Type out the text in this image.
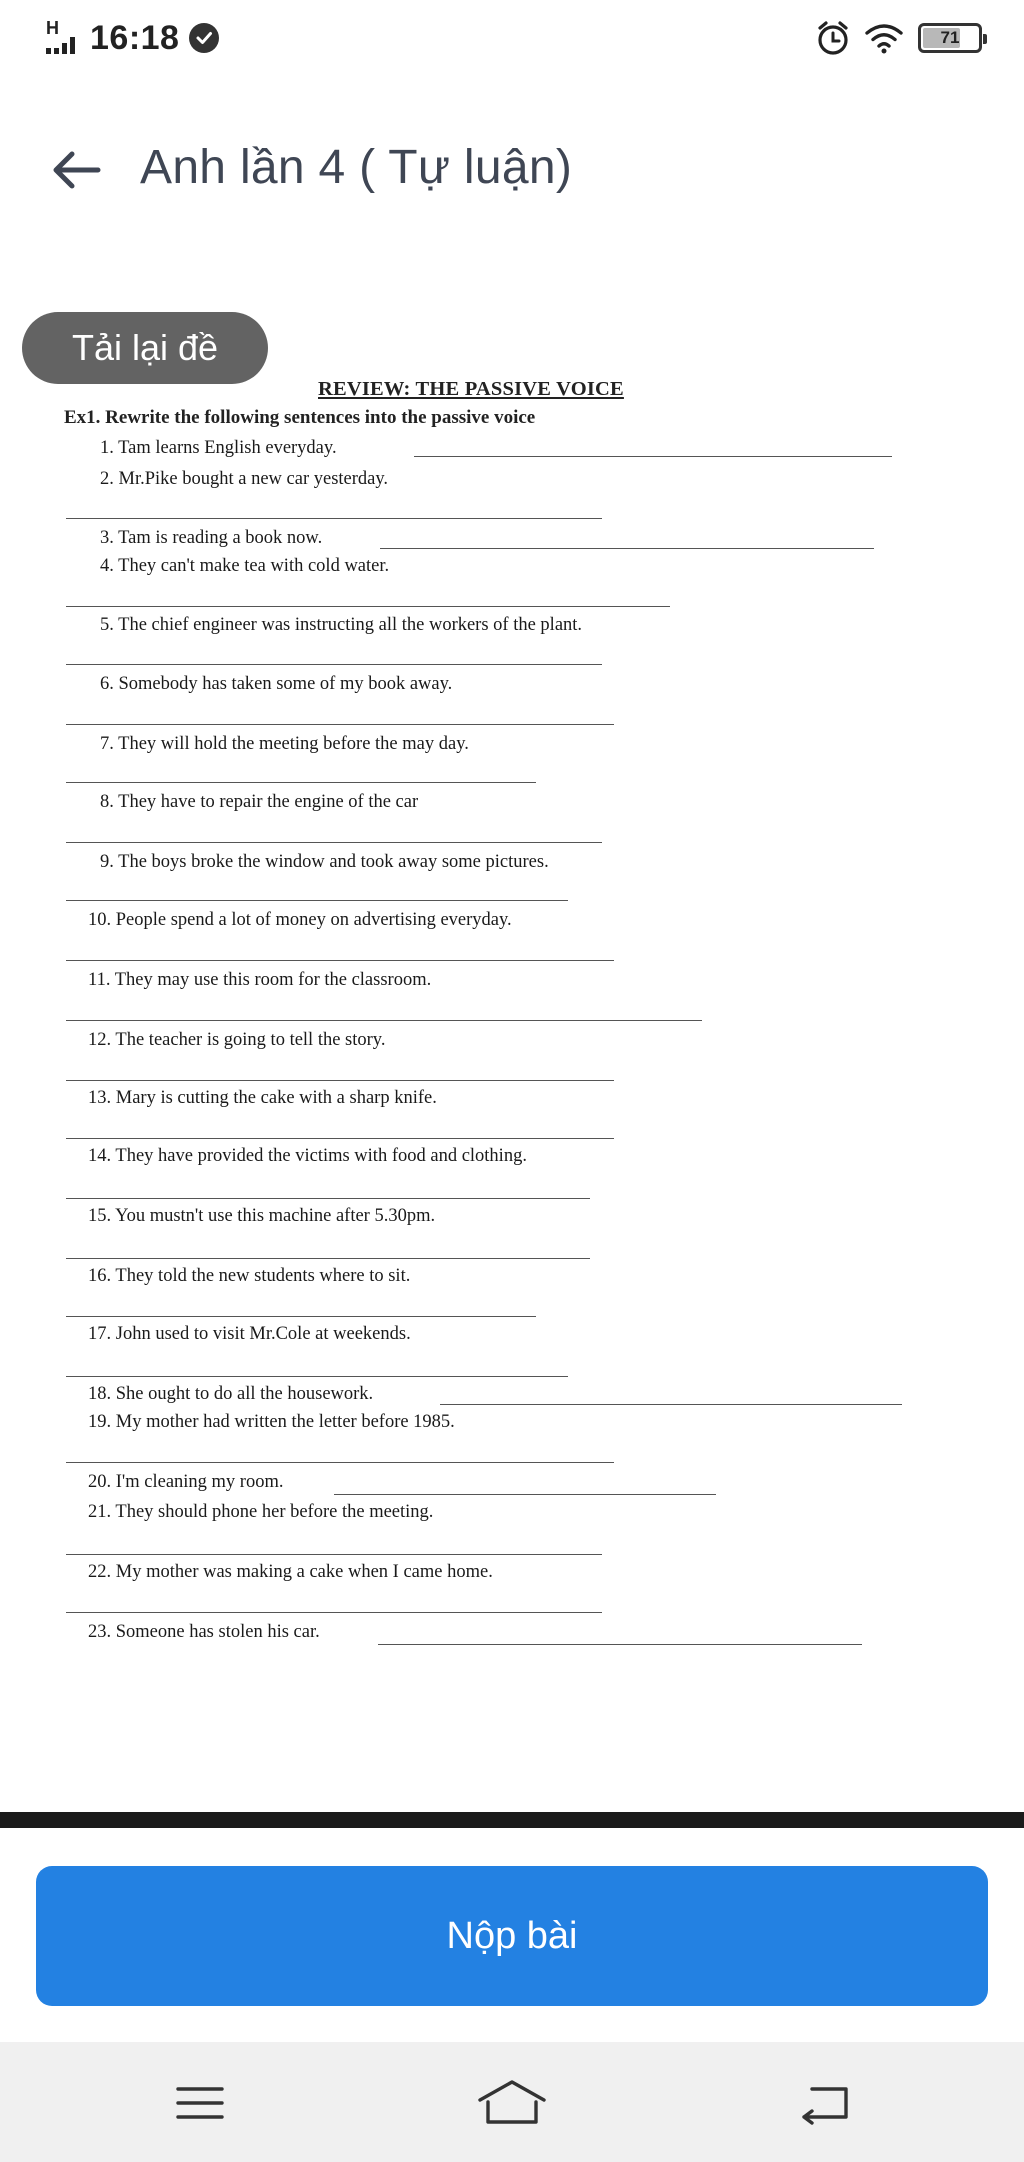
H 16:18	71
Anh lần 4 ( Tự luận)
Tải lại đề
REVIEW: THE PASSIVE VOICE
Ex1. Rewrite the following sentences into the passive voice
1. Tam learns English everyday.
2. Mr.Pike bought a new car yesterday.
3. Tam is reading a book now.
4. They can't make tea with cold water.
5. The chief engineer was instructing all the workers of the plant.
6. Somebody has taken some of my book away.
7. They will hold the meeting before the may day.
8. They have to repair the engine of the car
9. The boys broke the window and took away some pictures.
10. People spend a lot of money on advertising everyday.
11. They may use this room for the classroom.
12. The teacher is going to tell the story.
13. Mary is cutting the cake with a sharp knife.
14. They have provided the victims with food and clothing.
15. You mustn't use this machine after 5.30pm.
16. They told the new students where to sit.
17. John used to visit Mr.Cole at weekends.
18. She ought to do all the housework.
19. My mother had written the letter before 1985.
20. I'm cleaning my room.
21. They should phone her before the meeting.
22. My mother was making a cake when I came home.
23. Someone has stolen his car.
Nộp bài
